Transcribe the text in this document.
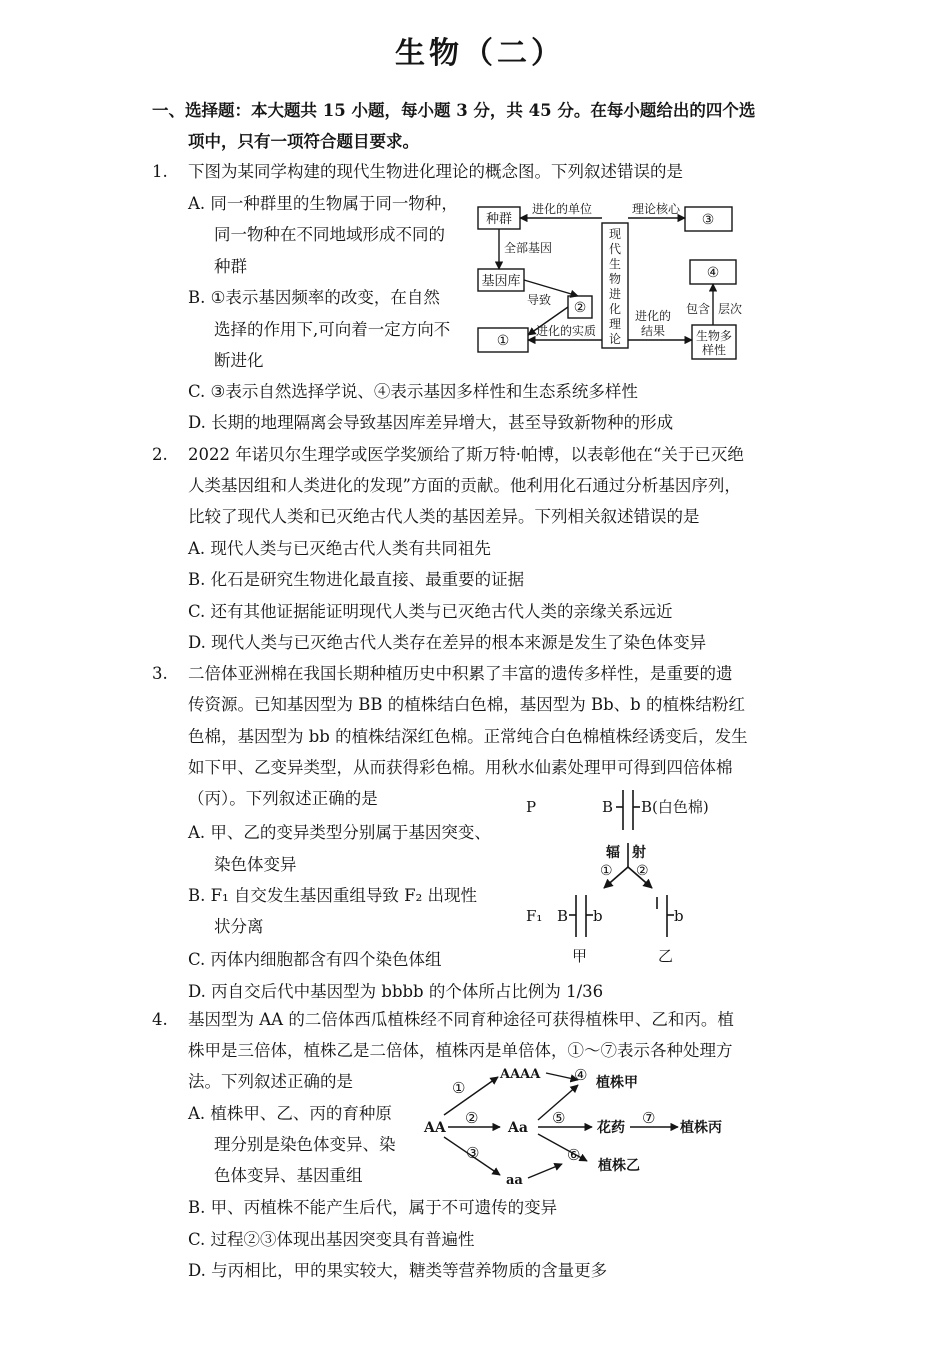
生物（二）
一、选择题：本大题共 15 小题，每小题 3 分，共 45 分。在每小题给出的四个选
项中，只有一项符合题目要求。
1. 下图为某同学构建的现代生物进化理论的概念图。下列叙述错误的是
A. 同一种群里的生物属于同一物种，
同一物种在不同地域形成不同的
种群
B. ①表示基因频率的改变，在自然
选择的作用下,可向着一定方向不
断进化
C. ③表示自然选择学说、④表示基因多样性和生态系统多样性
D. 长期的地理隔离会导致基因库差异增大，甚至导致新物种的形成
种群
进化的单位	理论核心
③
全部基因
基因库
导致 ②
①
进化的实质
现
代
生
物
进
化
理
论
进化的
结果
④
包含 层次
生物多
样性
2. 2022 年诺贝尔生理学或医学奖颁给了斯万特·帕博，以表彰他在“关于已灭绝
人类基因组和人类进化的发现”方面的贡献。他利用化石通过分析基因序列，
比较了现代人类和已灭绝古代人类的基因差异。下列相关叙述错误的是
A. 现代人类与已灭绝古代人类有共同祖先
B. 化石是研究生物进化最直接、最重要的证据
C. 还有其他证据能证明现代人类与已灭绝古代人类的亲缘关系远近
D. 现代人类与已灭绝古代人类存在差异的根本来源是发生了染色体变异
3. 二倍体亚洲棉在我国长期种植历史中积累了丰富的遗传多样性，是重要的遗
传资源。已知基因型为 BB 的植株结白色棉，基因型为 Bb、b 的植株结粉红
色棉，基因型为 bb 的植株结深红色棉。正常纯合白色棉植株经诱变后，发生
如下甲、乙变异类型，从而获得彩色棉。用秋水仙素处理甲可得到四倍体棉
（丙）。下列叙述正确的是
A. 甲、乙的变异类型分别属于基因突变、
染色体变异
B. F₁ 自交发生基因重组导致 F₂ 出现性
状分离
C. 丙体内细胞都含有四个染色体组
D. 丙自交后代中基因型为 bbbb 的个体所占比例为 1/36
P	B B(白色棉)
辐 射
① ②
F₁ B b	b
甲	乙
4. 基因型为 AA 的二倍体西瓜植株经不同育种途径可获得植株甲、乙和丙。植
株甲是三倍体，植株乙是二倍体，植株丙是单倍体，①～⑦表示各种处理方
法。下列叙述正确的是
A. 植株甲、乙、丙的育种原
理分别是染色体变异、染
色体变异、基因重组
B. 甲、丙植株不能产生后代，属于不可遗传的变异
C. 过程②③体现出基因突变具有普遍性
D. 与丙相比，甲的果实较大，糖类等营养物质的含量更多
AA
AAAA
Aa
aa
①
②
③
④
⑤
⑥
⑦
花药
植株甲
植株乙
植株丙
